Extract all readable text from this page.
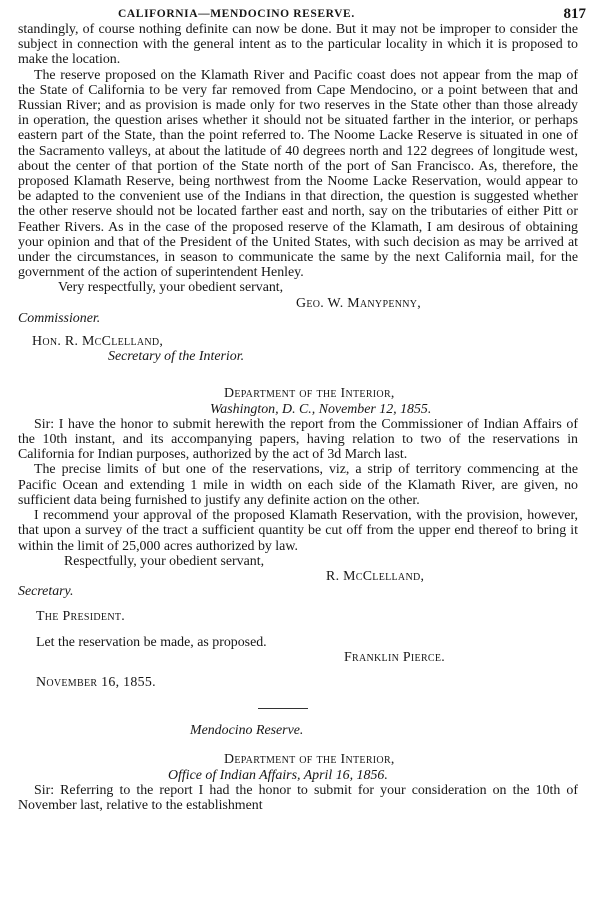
CALIFORNIA—MENDOCINO RESERVE.	817

standingly, of course nothing definite can now be done. But it may not be improper to consider the subject in connection with the general intent as to the particular locality in which it is proposed to make the location.

The reserve proposed on the Klamath River and Pacific coast does not appear from the map of the State of California to be very far removed from Cape Mendocino, or a point between that and Russian River; and as provision is made only for two reserves in the State other than those already in operation, the question arises whether it should not be situated farther in the interior, or perhaps eastern part of the State, than the point referred to. The Noome Lacke Reserve is situated in one of the Sacramento valleys, at about the latitude of 40 degrees north and 122 degrees of longitude west, about the center of that portion of the State north of the port of San Francisco. As, therefore, the proposed Klamath Reserve, being northwest from the Noome Lacke Reservation, would appear to be adapted to the convenient use of the Indians in that direction, the question is suggested whether the other reserve should not be located farther east and north, say on the tributaries of either Pitt or Feather Rivers. As in the case of the proposed reserve of the Klamath, I am desirous of obtaining your opinion and that of the President of the United States, with such decision as may be arrived at under the circumstances, in season to communicate the same by the next California mail, for the government of the action of superintendent Henley.

Very respectfully, your obedient servant,

Geo. W. Manypenny,

Commissioner.

Hon. R. McClelland,

Secretary of the Interior.

Department of the Interior,

Washington, D. C., November 12, 1855.

Sir: I have the honor to submit herewith the report from the Commissioner of Indian Affairs of the 10th instant, and its accompanying papers, having relation to two of the reservations in California for Indian purposes, authorized by the act of 3d March last.

The precise limits of but one of the reservations, viz, a strip of territory commencing at the Pacific Ocean and extending 1 mile in width on each side of the Klamath River, are given, no sufficient data being furnished to justify any definite action on the other.

I recommend your approval of the proposed Klamath Reservation, with the provision, however, that upon a survey of the tract a sufficient quantity be cut off from the upper end thereof to bring it within the limit of 25,000 acres authorized by law.

Respectfully, your obedient servant,

R. McClelland,

Secretary.

The President.

Let the reservation be made, as proposed.

Franklin Pierce.

November 16, 1855.

Mendocino Reserve.

Department of the Interior,

Office of Indian Affairs, April 16, 1856.

Sir: Referring to the report I had the honor to submit for your consideration on the 10th of November last, relative to the establishment
